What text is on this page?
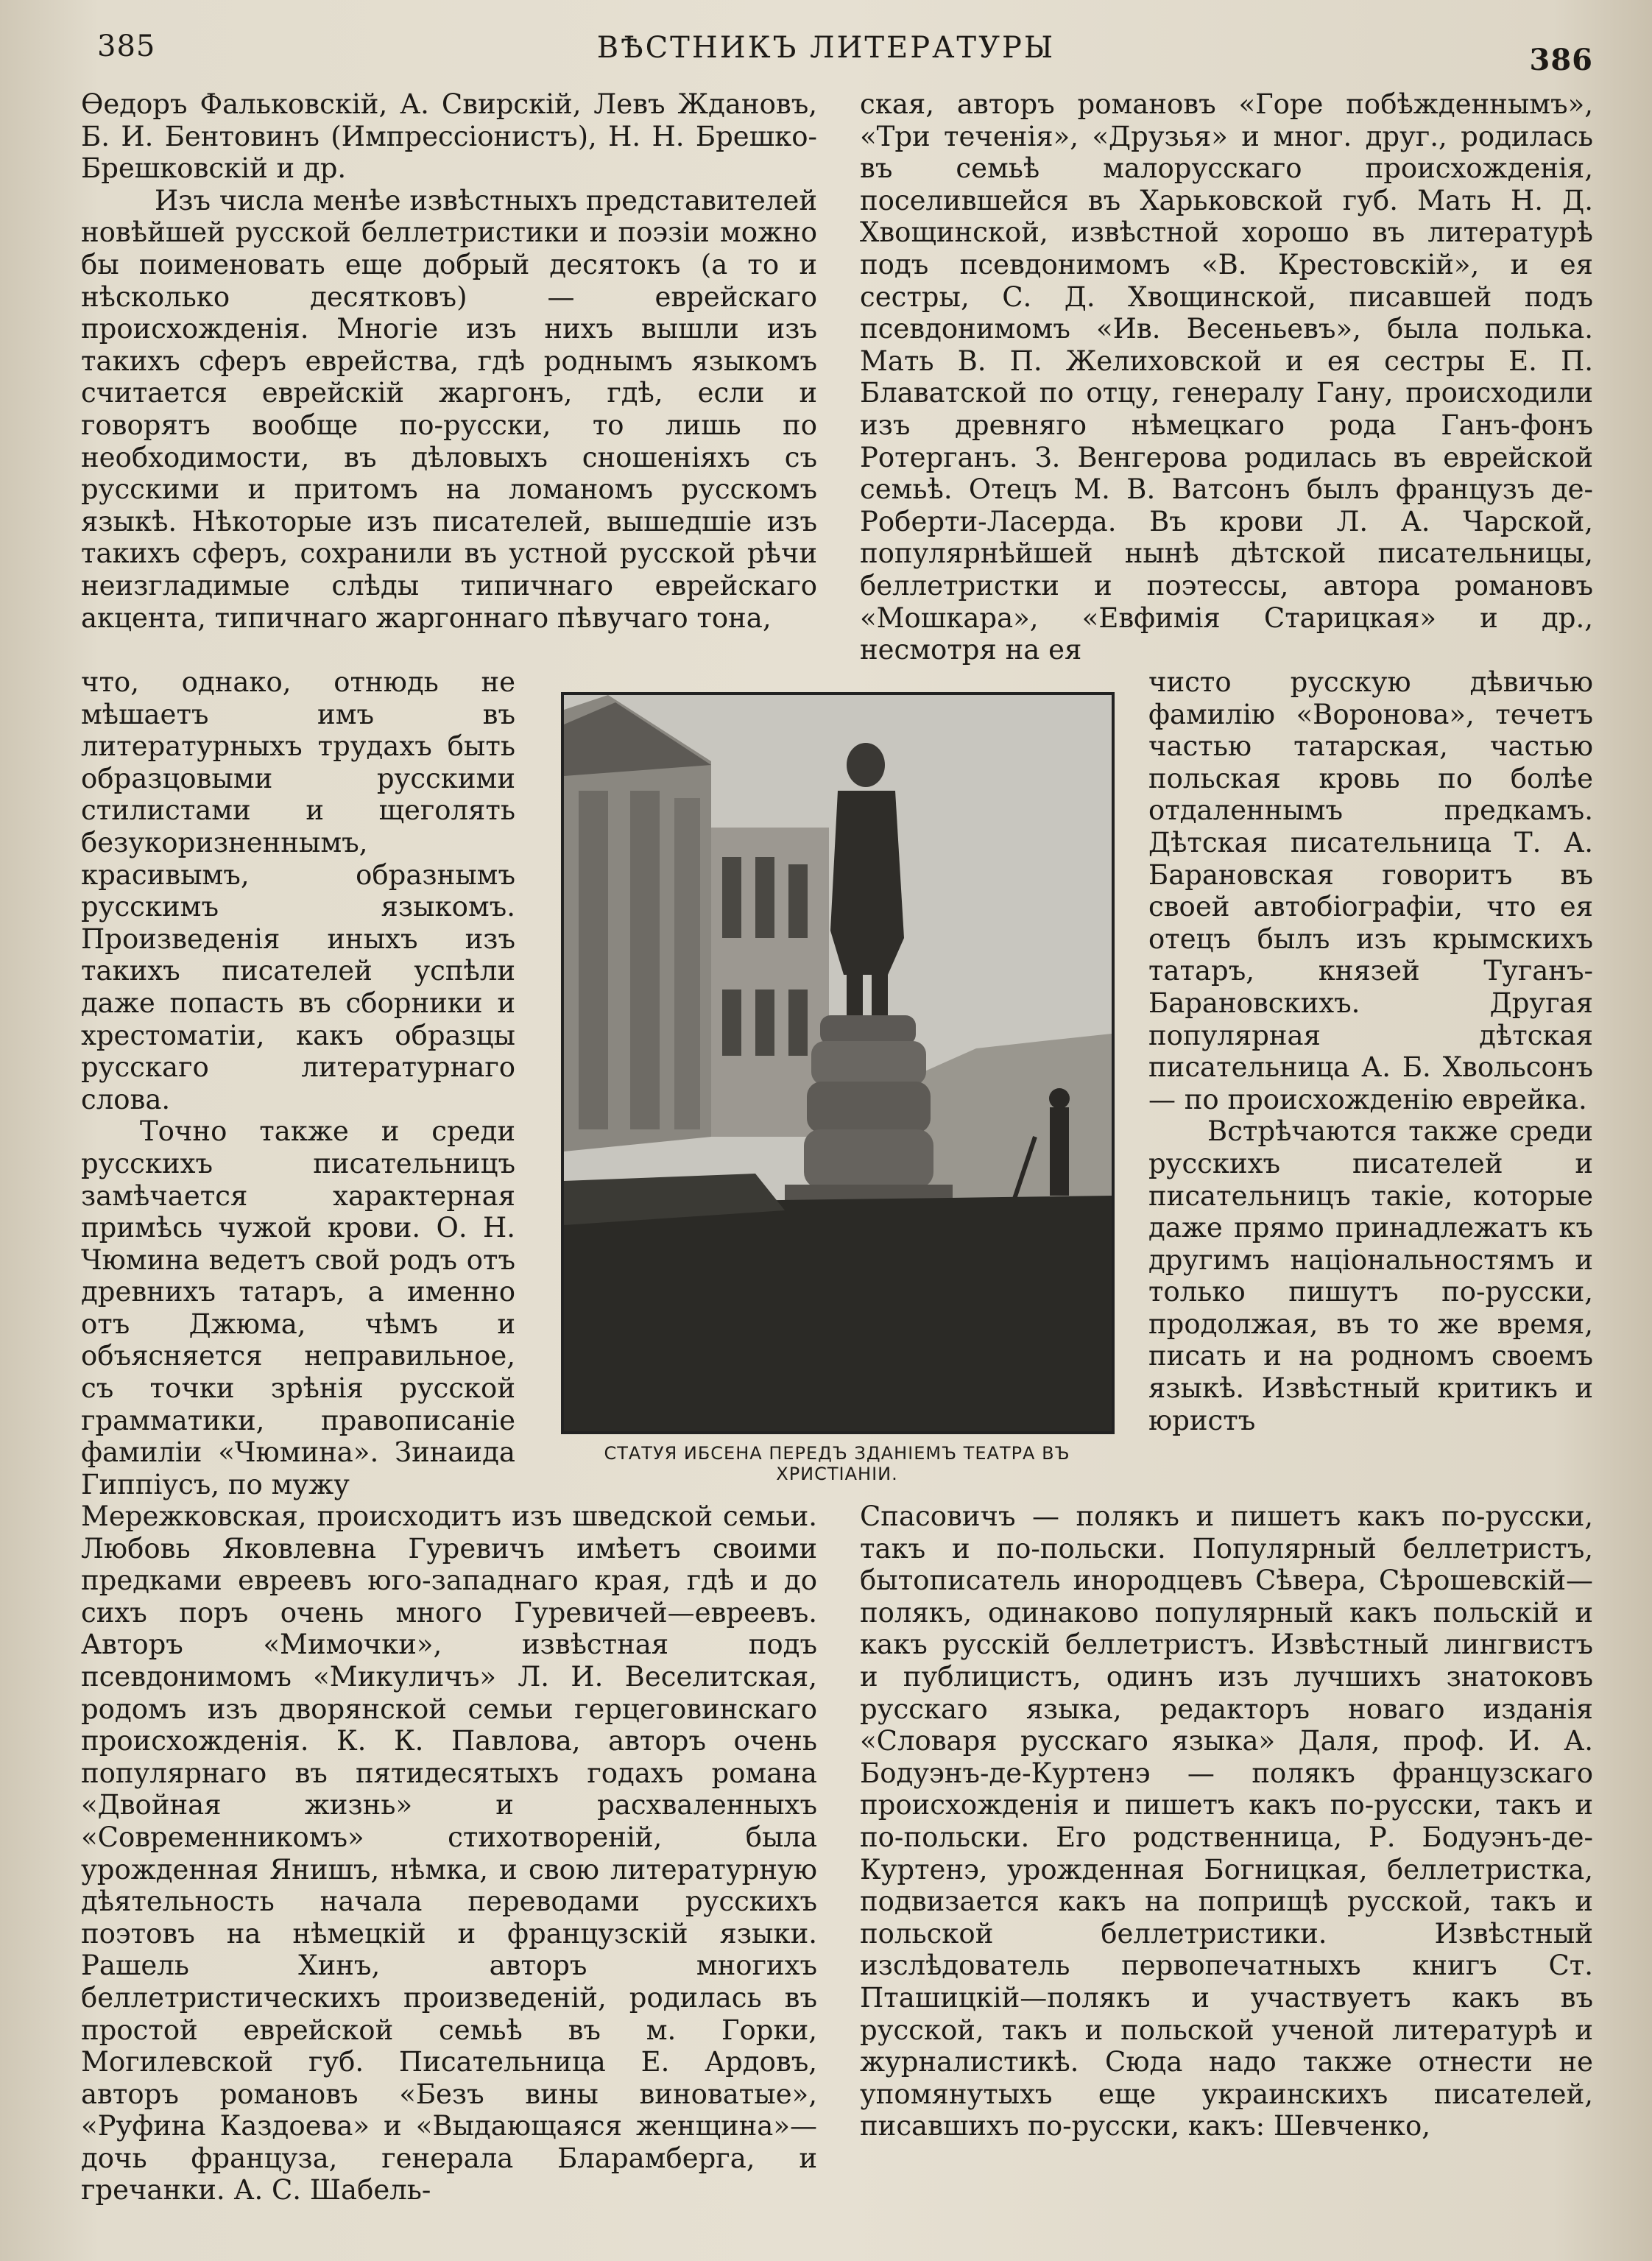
385	ВѢСТНИКЪ ЛИТЕРАТУРЫ	386

Ѳедоръ Фальковскій, А. Свирскій, Левъ Ждановъ, Б. И. Бентовинъ (Импрессіонистъ), Н. Н. Брешко-Брешковскій и др.

Изъ числа менѣе извѣстныхъ представителей новѣйшей русской беллетристики и поэзіи можно бы поименовать еще добрый десятокъ (а то и нѣсколько десятковъ) — еврейскаго происхожденія. Многіе изъ нихъ вышли изъ такихъ сферъ еврейства, гдѣ роднымъ языкомъ считается еврейскій жаргонъ, гдѣ, если и говорятъ вообще по-русски, то лишь по необходимости, въ дѣловыхъ сношеніяхъ съ русскими и притомъ на ломаномъ русскомъ языкѣ. Нѣкоторые изъ писателей, вышедшіе изъ такихъ сферъ, сохранили въ устной русской рѣчи неизгладимые слѣды типичнаго еврейскаго акцента, типичнаго жаргоннаго пѣвучаго тона,

что, однако, отнюдь не мѣшаетъ имъ въ литературныхъ трудахъ быть образцовыми русскими стилистами и щеголять безукоризненнымъ, красивымъ, образнымъ русскимъ языкомъ. Произведенія иныхъ изъ такихъ писателей успѣли даже попасть въ сборники и хрестоматіи, какъ образцы русскаго литературнаго слова.

Точно также и среди русскихъ писательницъ замѣчается характерная примѣсь чужой крови. О. Н. Чюмина ведетъ свой родъ отъ древнихъ татаръ, а именно отъ Джюма, чѣмъ и объясняется неправильное, съ точки зрѣнія русской грамматики, правописаніе фамиліи «Чюмина». Зинаида Гиппіусъ, по мужу

Мережковская, происходитъ изъ шведской семьи. Любовь Яковлевна Гуревичъ имѣетъ своими предками евреевъ юго-западнаго края, гдѣ и до сихъ поръ очень много Гуревичей—евреевъ. Авторъ «Мимочки», извѣстная подъ псевдонимомъ «Микуличъ» Л. И. Веселитская, родомъ изъ дворянской семьи герцеговинскаго происхожденія. К. К. Павлова, авторъ очень популярнаго въ пятидесятыхъ годахъ романа «Двойная жизнь» и расхваленныхъ «Современникомъ» стихотвореній, была урожденная Янишъ, нѣмка, и свою литературную дѣятельность начала переводами русскихъ поэтовъ на нѣмецкій и французскій языки. Рашель Хинъ, авторъ многихъ беллетристическихъ произведеній, родилась въ простой еврейской семьѣ въ м. Горки, Могилевской губ. Писательница Е. Ардовъ, авторъ романовъ «Безъ вины виноватые», «Руфина Каздоева» и «Выдающаяся женщина»—дочь француза, генерала Бларамберга, и гречанки. А. С. Шабель-

ская, авторъ романовъ «Горе побѣжденнымъ», «Три теченія», «Друзья» и мног. друг., родилась въ семьѣ малорусскаго происхожденія, поселившейся въ Харьковской губ. Мать Н. Д. Хвощинской, извѣстной хорошо въ литературѣ подъ псевдонимомъ «В. Крестовскій», и ея сестры, С. Д. Хвощинской, писавшей подъ псевдонимомъ «Ив. Весеньевъ», была полька. Мать В. П. Желиховской и ея сестры Е. П. Блаватской по отцу, генералу Гану, происходили изъ древняго нѣмецкаго рода Ганъ-фонъ Ротерганъ. З. Венгерова родилась въ еврейской семьѣ. Отецъ М. В. Ватсонъ былъ французъ де-Роберти-Ласерда. Въ крови Л. А. Чарской, популярнѣйшей нынѣ дѣтской писательницы, беллетристки и поэтессы, автора романовъ «Мошкара», «Евфимія Старицкая» и др., несмотря на ея

чисто русскую дѣвичью фамилію «Воронова», течетъ частью татарская, частью польская кровь по болѣе отдаленнымъ предкамъ. Дѣтская писательница Т. А. Барановская говоритъ въ своей автобіографіи, что ея отецъ былъ изъ крымскихъ татаръ, князей Туганъ-Барановскихъ. Другая популярная дѣтская писательница А. Б. Хвольсонъ — по происхожденію еврейка.

Встрѣчаются также среди русскихъ писателей и писательницъ такіе, которые даже прямо принадлежатъ къ другимъ національностямъ и только пишутъ по-русски, продолжая, въ то же время, писать и на родномъ своемъ языкѣ. Извѣстный критикъ и юристъ

Спасовичъ — полякъ и пишетъ какъ по-русски, такъ и по-польски. Популярный беллетристъ, бытописатель инородцевъ Сѣвера, Сѣрошевскій—полякъ, одинаково популярный какъ польскій и какъ русскій беллетристъ. Извѣстный лингвистъ и публицистъ, одинъ изъ лучшихъ знатоковъ русскаго языка, редакторъ новаго изданія «Словаря русскаго языка» Даля, проф. И. А. Бодуэнъ-де-Куртенэ — полякъ французскаго происхожденія и пишетъ какъ по-русски, такъ и по-польски. Его родственница, Р. Бодуэнъ-де-Куртенэ, урожденная Богницкая, беллетристка, подвизается какъ на поприщѣ русской, такъ и польской беллетристики. Извѣстный изслѣдователь первопечатныхъ книгъ Ст. Пташицкій—полякъ и участвуетъ какъ въ русской, такъ и польской ученой литературѣ и журналистикѣ. Сюда надо также отнести не упомянутыхъ еще украинскихъ писателей, писавшихъ по-русски, какъ: Шевченко,

СТАТУЯ ИБСЕНА ПЕРЕДЪ ЗДАНІЕМЪ ТЕАТРА ВЪ
ХРИСТІАНІИ.
